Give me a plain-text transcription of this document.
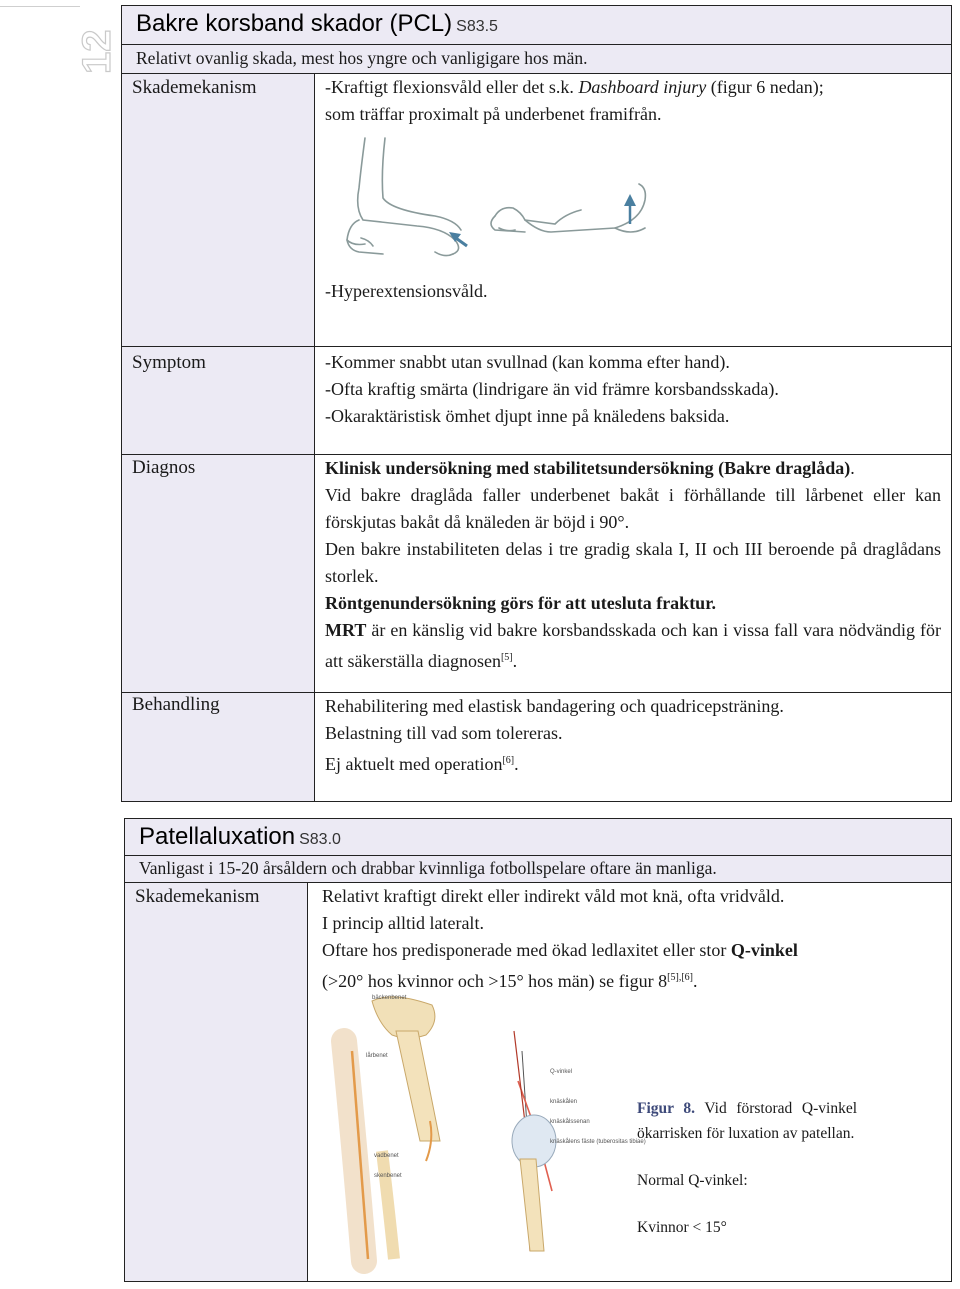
12
Bakre korsband skador (PCL) S83.5	
Relativt ovanlig skada, mest hos yngre och vanligigare hos män.	
Skademekanism	-Kraftigt flexionsvåld eller det s.k. Dashboard injury (figur 6 nedan);
som träffar proximalt på underbenet framifrån.
-Hyperextensionsvåld.

Symptom	-Kommer snabbt utan svullnad (kan komma efter hand).
-Ofta kraftig smärta (lindrigare än vid främre korsbandsskada).
-Okaraktäristisk ömhet djupt inne på knäledens baksida.

Diagnos	Klinisk undersökning med stabilitetsundersökning (Bakre draglåda).
Vid bakre draglåda faller underbenet bakåt i förhållande till lårbenet eller kan förskjutas bakåt då knäleden är böjd i 90°.
Den bakre instabiliteten delas i tre gradig skala I, II och III beroende på draglådans storlek.
Röntgenundersökning görs för att utesluta fraktur.
MRT är en känslig vid bakre korsbandsskada och kan i vissa fall vara nödvändig för att säkerställa diagnosen[5].

Behandling	Rehabilitering med elastisk bandagering och quadricepsträning.
Belastning till vad som tolereras.
Ej aktuelt med operation[6].
Patellaluxation S83.0
Vanligast i 15-20 årsåldern och drabbar kvinnliga fotbollspelare oftare än manliga.
Skademekanism	Relativt kraftigt direkt eller indirekt våld mot knä, ofta vridvåld.
I princip alltid lateralt.
Oftare hos predisponerade med ökad ledlaxitet eller stor Q-vinkel
(>20° hos kvinnor och >15° hos män) se figur 8[5],[6].
bäckenbenet
lårbenet
Q-vinkel
knäskålen
knäskålssenan
vadbenet
skenbenet
knäskålens fäste (tuberositas tibiae)
Figur 8. Vid förstorad Q-vinkel ökarrisken för luxation av patellan.
Normal Q-vinkel:
Kvinnor < 15°
